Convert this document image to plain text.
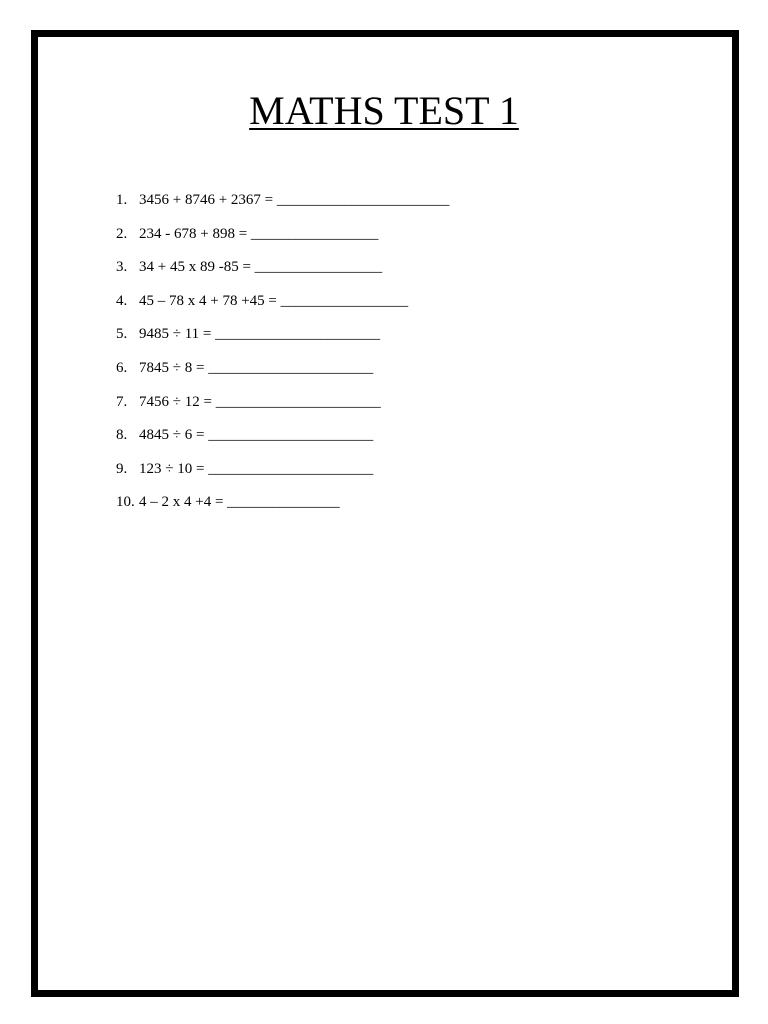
MATHS TEST 1
1. 3456 + 8746 + 2367 = _______________________
2. 234 - 678 + 898 = _________________
3. 34 + 45 x 89 -85 = _________________
4. 45 – 78 x 4 + 78 +45 = _________________
5. 9485 ÷ 11 = ______________________
6. 7845 ÷ 8 = ______________________
7. 7456 ÷ 12 = ______________________
8. 4845 ÷ 6 = ______________________
9. 123 ÷ 10 = ______________________
10. 4 – 2 x 4 +4 = _______________
